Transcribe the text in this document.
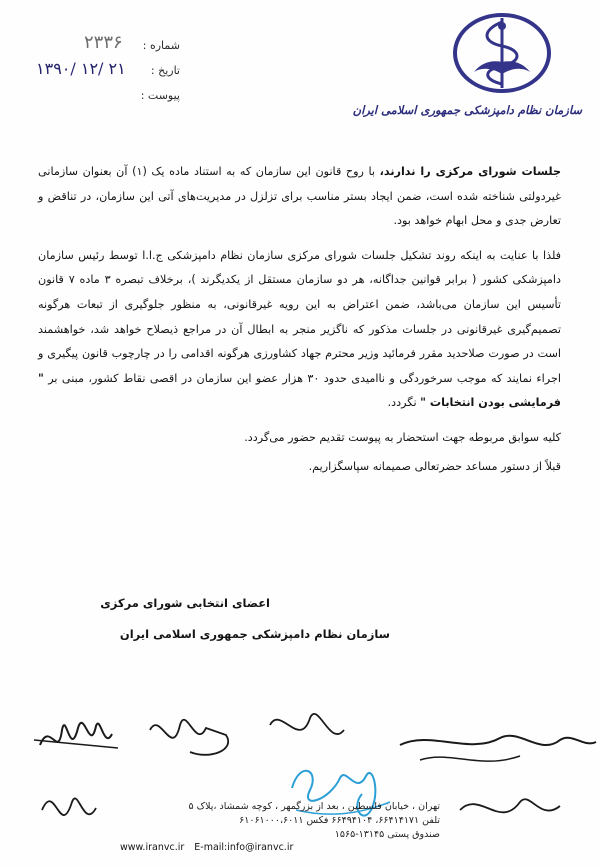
سازمان نظام دامپزشکی جمهوری اسلامی ایران
شماره :
۲۳۳۶
تاریخ :
۱۳۹۰/ ۱۲/ ۲۱
پیوست :

جلسات شورای مرکزی را ندارند، با روح قانون این سازمان که به استناد ماده یک (۱) آن بعنوان سازمانی غیردولتی شناخته شده است، ضمن ایجاد بستر مناسب برای تزلزل در مدیریت‌های آتی این سازمان، در تناقض و تعارض جدی و محل ابهام خواهد بود.

فلذا با عنایت به اینکه روند تشکیل جلسات شورای مرکزی سازمان نظام دامپزشکی ج.ا.ا توسط رئیس سازمان دامپزشکی کشور ( برابر قوانین جداگانه، هر دو سازمان مستقل از یکدیگرند )، برخلاف تبصره ۳ ماده ۷ قانون تأسیس این سازمان می‌باشد، ضمن اعتراض به این رویه غیرقانونی، به منظور جلوگیری از تبعات هرگونه تصمیم‌گیری غیرقانونی در جلسات مذکور که ناگزیر منجر به ابطال آن در مراجع ذیصلاح خواهد شد، خواهشمند است در صورت صلاحدید مقرر فرمائید وزیر محترم جهاد کشاورزی هرگونه اقدامی را در چارچوب قانون پیگیری و اجراء نمایند که موجب سرخوردگی و ناامیدی حدود ۳۰ هزار عضو این سازمان در اقصی نقاط کشور، مبنی بر " فرمایشی بودن انتخابات " نگردد.

کلیه سوابق مربوطه جهت استحضار به پیوست تقدیم حضور می‌گردد.

قبلاً از دستور مساعد حضرتعالی صمیمانه سپاسگزاریم.

اعضای انتخابی شورای مرکزی
سازمان نظام دامپزشکی جمهوری اسلامی ایران
تهران ، خیابان فلسطین ، بعد از بزرگمهر ، کوچه شمشاد ،پلاک ۵
تلفن ۶۶۴۱۴۱۷۱، ۶۶۴۹۴۱۰۴ فکس ۶۱۰۶۱۰۰۰،۶۰۱۱
صندوق پستی ۱۳۱۴۵-۱۵۶۵
www.iranvc.ir E-mail:info@iranvc.ir
